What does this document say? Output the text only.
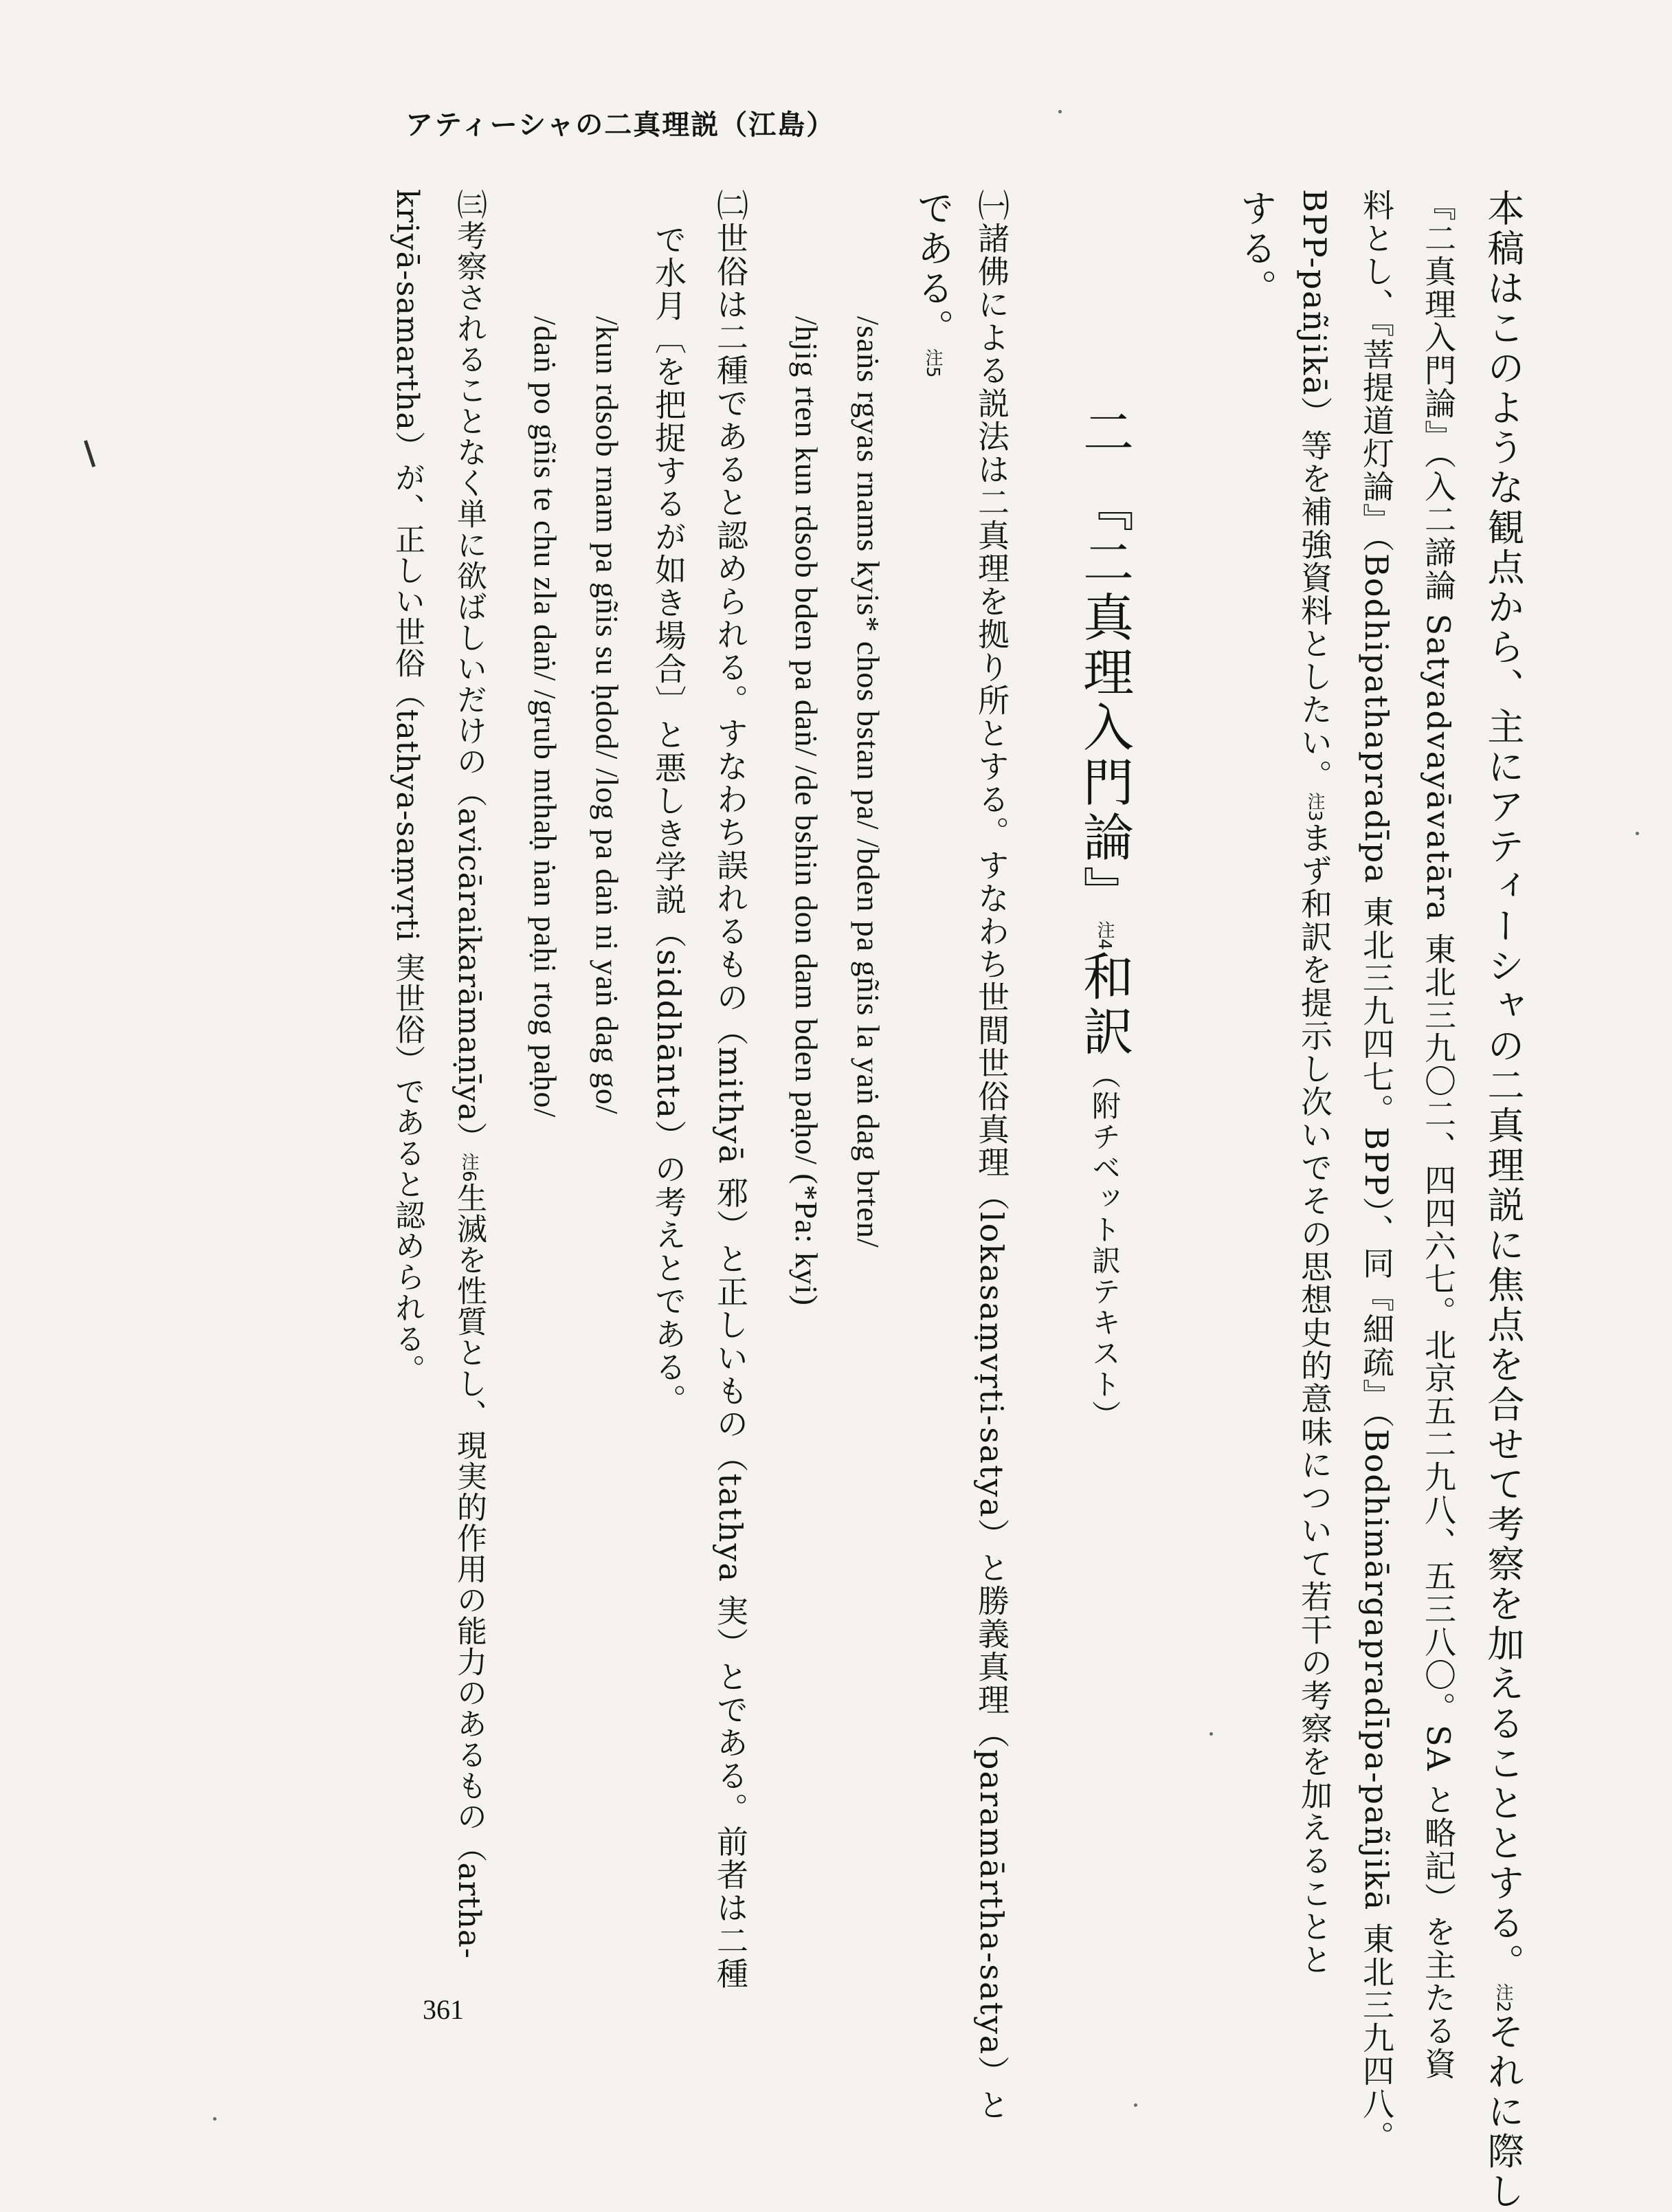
アティーシャの二真理説（江島）
361
本稿はこのような観点から、主にアティーシャの二真理説に焦点を合せて考察を加えることとする。注2それに際し
『二真理入門論』（入二諦論 Satyadvayāvatāra 東北三九〇二、四四六七。北京五二九八、五三八〇。SA と略記）を主たる資
料とし、『菩提道灯論』（Bodhipathapradīpa 東北三九四七。BPP）、同『細疏』（Bodhimārgapradīpa-pañjikā 東北三九四八。
BPP-pañjikā）等を補強資料としたい。注3まず和訳を提示し次いでその思想史的意味について若干の考察を加えることと
する。
二 『二真理入門論』注4和訳（附チベット訳テキスト）
㈠諸佛による説法は二真理を拠り所とする。すなわち世間世俗真理（lokasaṃvṛti-satya）と勝義真理（paramārtha-satya）と
である。注5
/saṅs rgyas rnams kyis* chos bstan pa/ /bden pa gñis la yaṅ dag brten/
/hjig rten kun rdsob bden pa daṅ/ /de bshin don dam bden paḥo/ (*Pa: kyi)
㈡世俗は二種であると認められる。すなわち誤れるもの（mithyā 邪）と正しいもの（tathya 実）とである。前者は二種
で水月〔を把捉するが如き場合〕と悪しき学説（siddhānta）の考えとである。
/kun rdsob rnam pa gñis su ḥdod/ /log pa daṅ ni yaṅ dag go/
/daṅ po gñis te chu zla daṅ/ /grub mthaḥ ṅan paḥi rtog paḥo/
㈢考察されることなく単に欲ばしいだけの（avicāraikarāmaṇīya）注6生滅を性質とし、現実的作用の能力のあるもの（artha-
kriyā-samartha）が、正しい世俗（tathya-saṃvṛti 実世俗）であると認められる。
